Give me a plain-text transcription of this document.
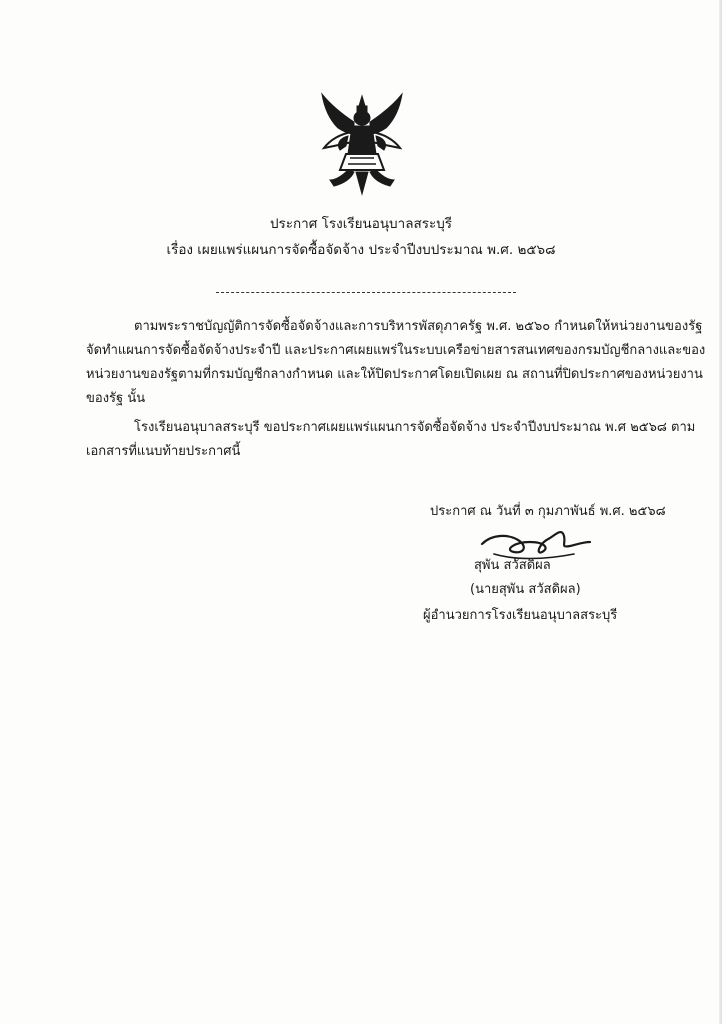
ประกาศ โรงเรียนอนุบาลสระบุรี
เรื่อง เผยแพร่แผนการจัดซื้อจัดจ้าง ประจำปีงบประมาณ พ.ศ. ๒๕๖๘
ตามพระราชบัญญัติการจัดซื้อจัดจ้างและการบริหารพัสดุภาครัฐ พ.ศ. ๒๕๖๐ กำหนดให้หน่วยงานของรัฐ
จัดทำแผนการจัดซื้อจัดจ้างประจำปี และประกาศเผยแพร่ในระบบเครือข่ายสารสนเทศของกรมบัญชีกลางและของ
หน่วยงานของรัฐตามที่กรมบัญชีกลางกำหนด และให้ปิดประกาศโดยเปิดเผย ณ สถานที่ปิดประกาศของหน่วยงาน
ของรัฐ นั้น
โรงเรียนอนุบาลสระบุรี ขอประกาศเผยแพร่แผนการจัดซื้อจัดจ้าง ประจำปีงบประมาณ พ.ศ ๒๕๖๘ ตาม
เอกสารที่แนบท้ายประกาศนี้
ประกาศ ณ วันที่ ๓ กุมภาพันธ์ พ.ศ. ๒๕๖๘
สุพัน สวัสดิผล
(นายสุพัน สวัสดิผล)
ผู้อำนวยการโรงเรียนอนุบาลสระบุรี
